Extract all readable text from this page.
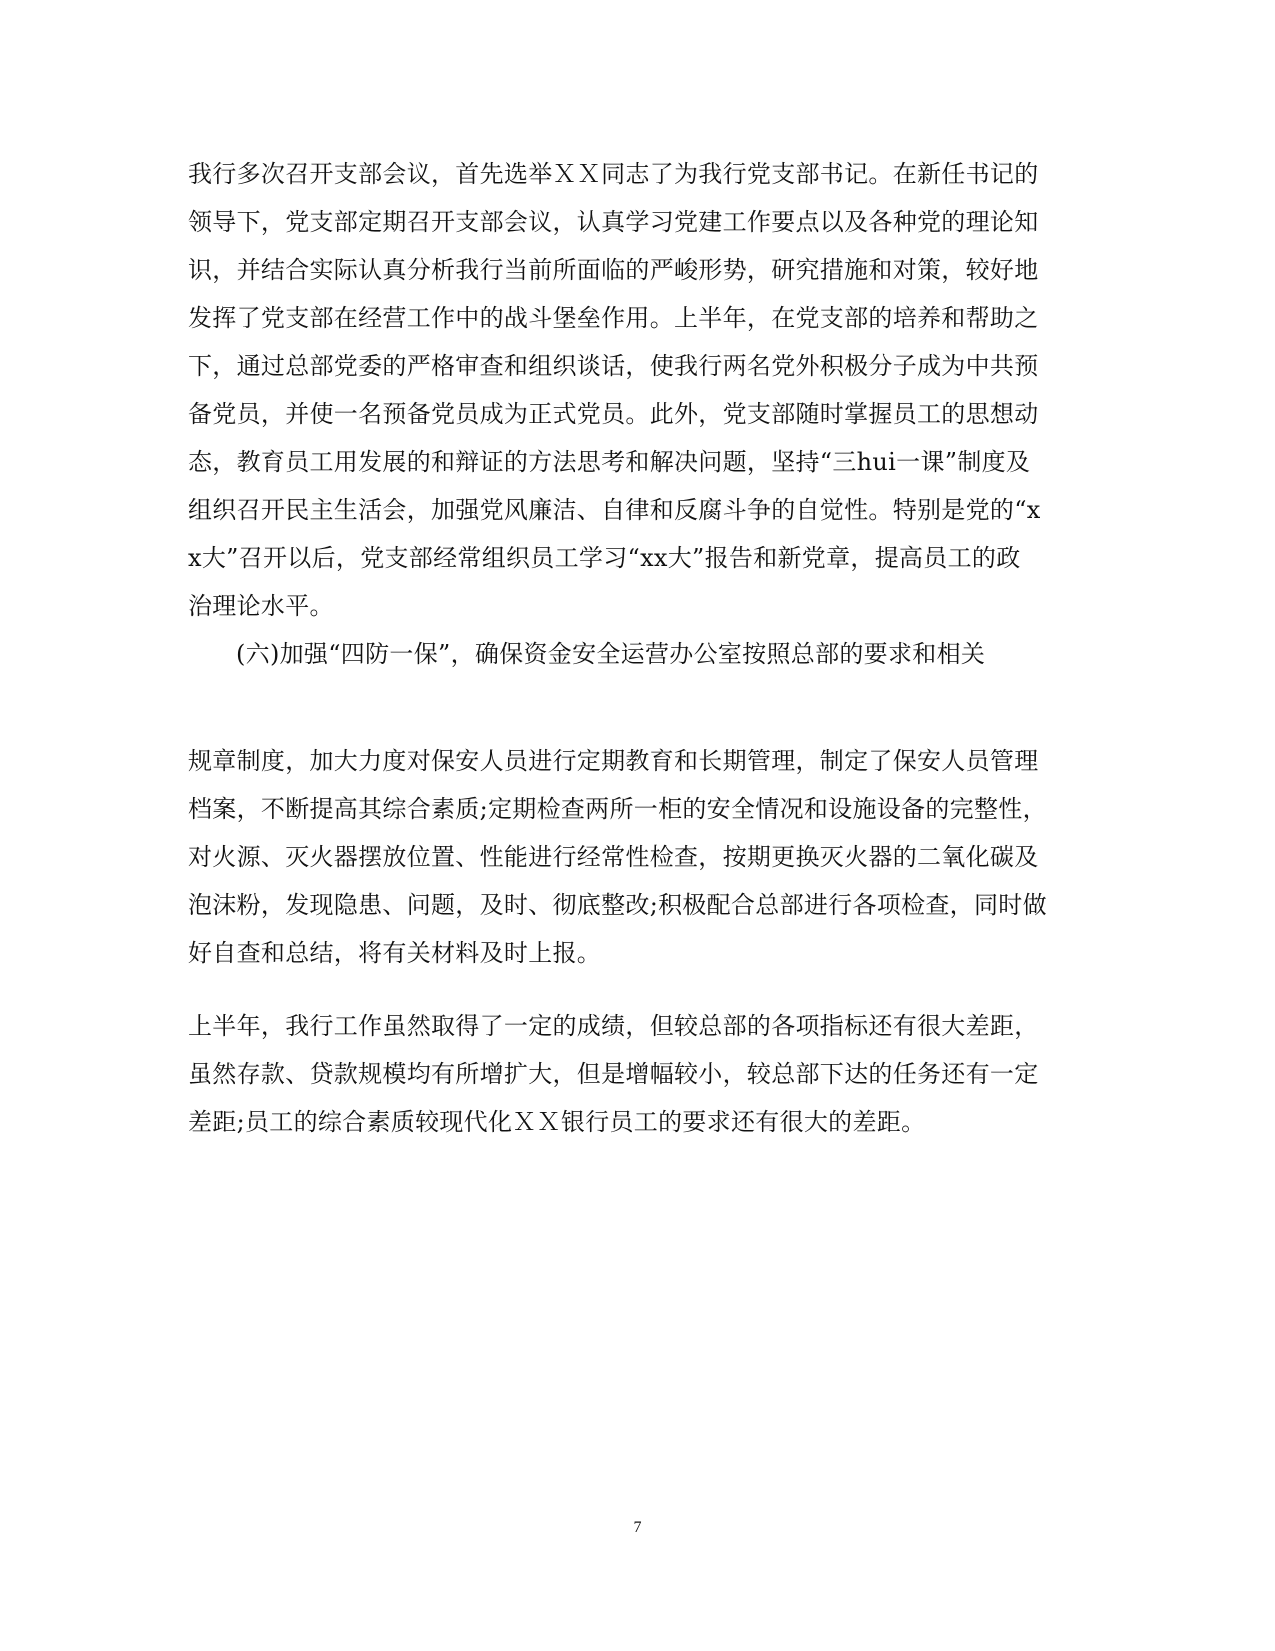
我行多次召开支部会议，首先选举ＸＸ同志了为我行党支部书记。在新任书记的
领导下，党支部定期召开支部会议，认真学习党建工作要点以及各种党的理论知
识，并结合实际认真分析我行当前所面临的严峻形势，研究措施和对策，较好地
发挥了党支部在经营工作中的战斗堡垒作用。上半年，在党支部的培养和帮助之
下，通过总部党委的严格审查和组织谈话，使我行两名党外积极分子成为中共预
备党员，并使一名预备党员成为正式党员。此外，党支部随时掌握员工的思想动
态，教育员工用发展的和辩证的方法思考和解决问题，坚持“三hui一课”制度及
组织召开民主生活会，加强党风廉洁、自律和反腐斗争的自觉性。特别是党的“x
x大”召开以后，党支部经常组织员工学习“xx大”报告和新党章，提高员工的政
治理论水平。
(六)加强“四防一保”，确保资金安全运营办公室按照总部的要求和相关
规章制度，加大力度对保安人员进行定期教育和长期管理，制定了保安人员管理
档案，不断提高其综合素质;定期检查两所一柜的安全情况和设施设备的完整性，
对火源、灭火器摆放位置、性能进行经常性检查，按期更换灭火器的二氧化碳及
泡沫粉，发现隐患、问题，及时、彻底整改;积极配合总部进行各项检查，同时做
好自查和总结，将有关材料及时上报。
上半年，我行工作虽然取得了一定的成绩，但较总部的各项指标还有很大差距，
虽然存款、贷款规模均有所增扩大，但是增幅较小，较总部下达的任务还有一定
差距;员工的综合素质较现代化ＸＸ银行员工的要求还有很大的差距。
7
